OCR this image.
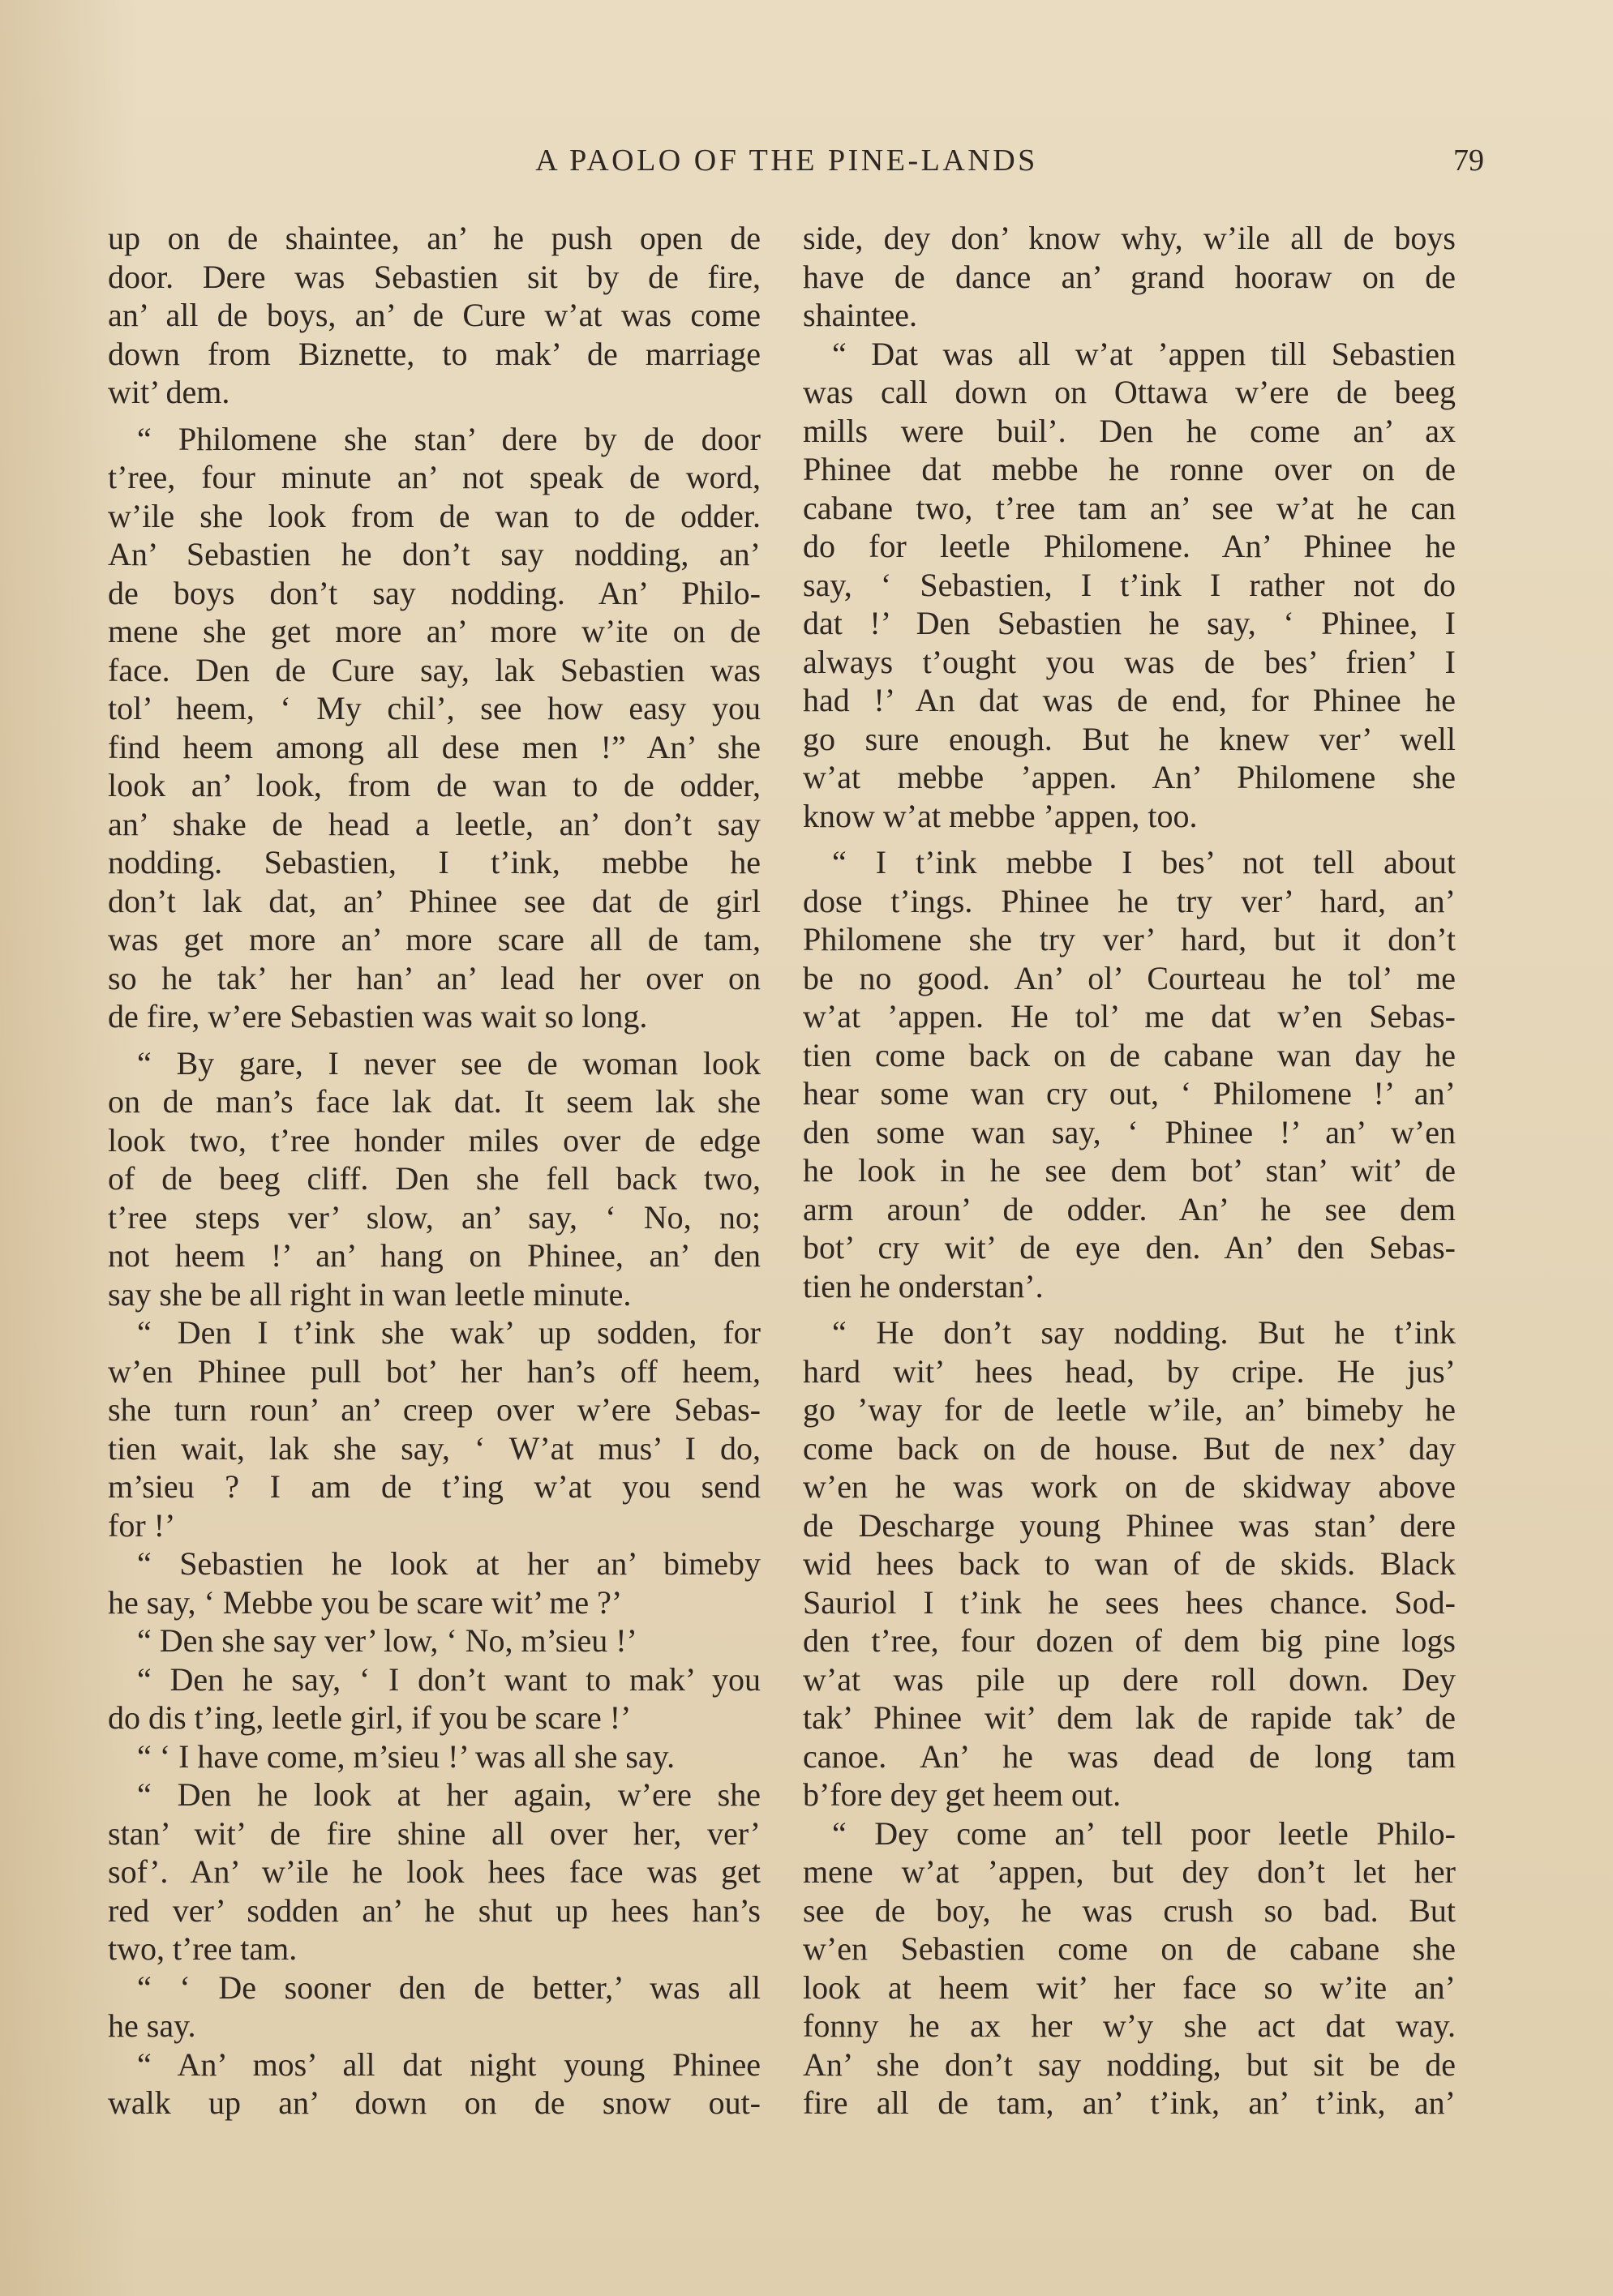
A PAOLO OF THE PINE-LANDS	79
up on de shaintee, an’ he push open de
door. Dere was Sebastien sit by de fire,
an’ all de boys, an’ de Cure w’at was come
down from Biznette, to mak’ de marriage
wit’ dem.
“ Philomene she stan’ dere by de door
t’ree, four minute an’ not speak de word,
w’ile she look from de wan to de odder.
An’ Sebastien he don’t say nodding, an’
de boys don’t say nodding. An’ Philo-
mene she get more an’ more w’ite on de
face. Den de Cure say, lak Sebastien was
tol’ heem, ‘ My chil’, see how easy you
find heem among all dese men !” An’ she
look an’ look, from de wan to de odder,
an’ shake de head a leetle, an’ don’t say
nodding. Sebastien, I t’ink, mebbe he
don’t lak dat, an’ Phinee see dat de girl
was get more an’ more scare all de tam,
so he tak’ her han’ an’ lead her over on
de fire, w’ere Sebastien was wait so long.
“ By gare, I never see de woman look
on de man’s face lak dat. It seem lak she
look two, t’ree honder miles over de edge
of de beeg cliff. Den she fell back two,
t’ree steps ver’ slow, an’ say, ‘ No, no;
not heem !’ an’ hang on Phinee, an’ den
say she be all right in wan leetle minute.
“ Den I t’ink she wak’ up sodden, for
w’en Phinee pull bot’ her han’s off heem,
she turn roun’ an’ creep over w’ere Sebas-
tien wait, lak she say, ‘ W’at mus’ I do,
m’sieu ? I am de t’ing w’at you send
for !’
“ Sebastien he look at her an’ bimeby
he say, ‘ Mebbe you be scare wit’ me ?’
“ Den she say ver’ low, ‘ No, m’sieu !’
“ Den he say, ‘ I don’t want to mak’ you
do dis t’ing, leetle girl, if you be scare !’
“ ‘ I have come, m’sieu !’ was all she say.
“ Den he look at her again, w’ere she
stan’ wit’ de fire shine all over her, ver’
sof’. An’ w’ile he look hees face was get
red ver’ sodden an’ he shut up hees han’s
two, t’ree tam.
“ ‘ De sooner den de better,’ was all
he say.
“ An’ mos’ all dat night young Phinee
walk up an’ down on de snow out-
side, dey don’ know why, w’ile all de boys
have de dance an’ grand hooraw on de
shaintee.
“ Dat was all w’at ’appen till Sebastien
was call down on Ottawa w’ere de beeg
mills were buil’. Den he come an’ ax
Phinee dat mebbe he ronne over on de
cabane two, t’ree tam an’ see w’at he can
do for leetle Philomene. An’ Phinee he
say, ‘ Sebastien, I t’ink I rather not do
dat !’ Den Sebastien he say, ‘ Phinee, I
always t’ought you was de bes’ frien’ I
had !’ An dat was de end, for Phinee he
go sure enough. But he knew ver’ well
w’at mebbe ’appen. An’ Philomene she
know w’at mebbe ’appen, too.
“ I t’ink mebbe I bes’ not tell about
dose t’ings. Phinee he try ver’ hard, an’
Philomene she try ver’ hard, but it don’t
be no good. An’ ol’ Courteau he tol’ me
w’at ’appen. He tol’ me dat w’en Sebas-
tien come back on de cabane wan day he
hear some wan cry out, ‘ Philomene !’ an’
den some wan say, ‘ Phinee !’ an’ w’en
he look in he see dem bot’ stan’ wit’ de
arm aroun’ de odder. An’ he see dem
bot’ cry wit’ de eye den. An’ den Sebas-
tien he onderstan’.
“ He don’t say nodding. But he t’ink
hard wit’ hees head, by cripe. He jus’
go ’way for de leetle w’ile, an’ bimeby he
come back on de house. But de nex’ day
w’en he was work on de skidway above
de Descharge young Phinee was stan’ dere
wid hees back to wan of de skids. Black
Sauriol I t’ink he sees hees chance. Sod-
den t’ree, four dozen of dem big pine logs
w’at was pile up dere roll down. Dey
tak’ Phinee wit’ dem lak de rapide tak’ de
canoe. An’ he was dead de long tam
b’fore dey get heem out.
“ Dey come an’ tell poor leetle Philo-
mene w’at ’appen, but dey don’t let her
see de boy, he was crush so bad. But
w’en Sebastien come on de cabane she
look at heem wit’ her face so w’ite an’
fonny he ax her w’y she act dat way.
An’ she don’t say nodding, but sit be de
fire all de tam, an’ t’ink, an’ t’ink, an’
